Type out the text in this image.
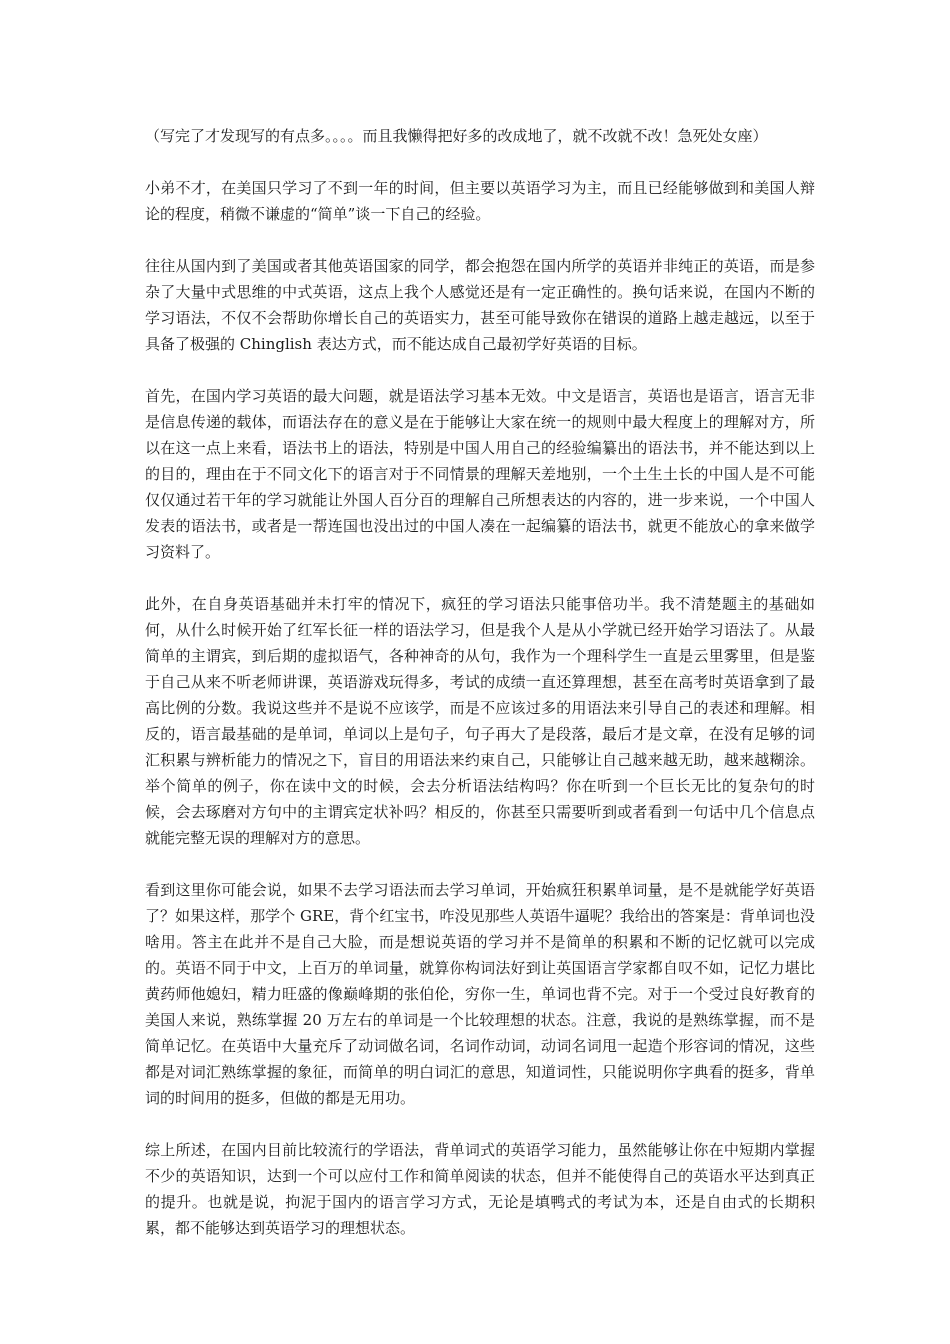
（写完了才发现写的有点多。。。。而且我懒得把好多的改成地了，就不改就不改！急死处女座）

小弟不才，在美国只学习了不到一年的时间，但主要以英语学习为主，而且已经能够做到和美国人辩论的程度，稍微不谦虚的“简单”谈一下自己的经验。

往往从国内到了美国或者其他英语国家的同学，都会抱怨在国内所学的英语并非纯正的英语，而是参杂了大量中式思维的中式英语，这点上我个人感觉还是有一定正确性的。换句话来说，在国内不断的学习语法，不仅不会帮助你增长自己的英语实力，甚至可能导致你在错误的道路上越走越远，以至于具备了极强的 Chinglish 表达方式，而不能达成自己最初学好英语的目标。

首先，在国内学习英语的最大问题，就是语法学习基本无效。中文是语言，英语也是语言，语言无非是信息传递的载体，而语法存在的意义是在于能够让大家在统一的规则中最大程度上的理解对方，所以在这一点上来看，语法书上的语法，特别是中国人用自己的经验编纂出的语法书，并不能达到以上的目的，理由在于不同文化下的语言对于不同情景的理解天差地别，一个土生土长的中国人是不可能仅仅通过若干年的学习就能让外国人百分百的理解自己所想表达的内容的，进一步来说，一个中国人发表的语法书，或者是一帮连国也没出过的中国人凑在一起编纂的语法书，就更不能放心的拿来做学习资料了。

此外，在自身英语基础并未打牢的情况下，疯狂的学习语法只能事倍功半。我不清楚题主的基础如何，从什么时候开始了红军长征一样的语法学习，但是我个人是从小学就已经开始学习语法了。从最简单的主谓宾，到后期的虚拟语气，各种神奇的从句，我作为一个理科学生一直是云里雾里，但是鉴于自己从来不听老师讲课，英语游戏玩得多，考试的成绩一直还算理想，甚至在高考时英语拿到了最高比例的分数。我说这些并不是说不应该学，而是不应该过多的用语法来引导自己的表述和理解。相反的，语言最基础的是单词，单词以上是句子，句子再大了是段落，最后才是文章，在没有足够的词汇积累与辨析能力的情况之下，盲目的用语法来约束自己，只能够让自己越来越无助，越来越糊涂。举个简单的例子，你在读中文的时候，会去分析语法结构吗？你在听到一个巨长无比的复杂句的时候，会去琢磨对方句中的主谓宾定状补吗？相反的，你甚至只需要听到或者看到一句话中几个信息点就能完整无误的理解对方的意思。

看到这里你可能会说，如果不去学习语法而去学习单词，开始疯狂积累单词量，是不是就能学好英语了？如果这样，那学个 GRE，背个红宝书，咋没见那些人英语牛逼呢？我给出的答案是：背单词也没啥用。答主在此并不是自己大脸，而是想说英语的学习并不是简单的积累和不断的记忆就可以完成的。英语不同于中文，上百万的单词量，就算你构词法好到让英国语言学家都自叹不如，记忆力堪比黄药师他媳妇，精力旺盛的像巅峰期的张伯伦，穷你一生，单词也背不完。对于一个受过良好教育的美国人来说，熟练掌握 20 万左右的单词是一个比较理想的状态。注意，我说的是熟练掌握，而不是简单记忆。在英语中大量充斥了动词做名词，名词作动词，动词名词甩一起造个形容词的情况，这些都是对词汇熟练掌握的象征，而简单的明白词汇的意思，知道词性，只能说明你字典看的挺多，背单词的时间用的挺多，但做的都是无用功。

综上所述，在国内目前比较流行的学语法，背单词式的英语学习能力，虽然能够让你在中短期内掌握不少的英语知识，达到一个可以应付工作和简单阅读的状态，但并不能使得自己的英语水平达到真正的提升。也就是说，拘泥于国内的语言学习方式，无论是填鸭式的考试为本，还是自由式的长期积累，都不能够达到英语学习的理想状态。
